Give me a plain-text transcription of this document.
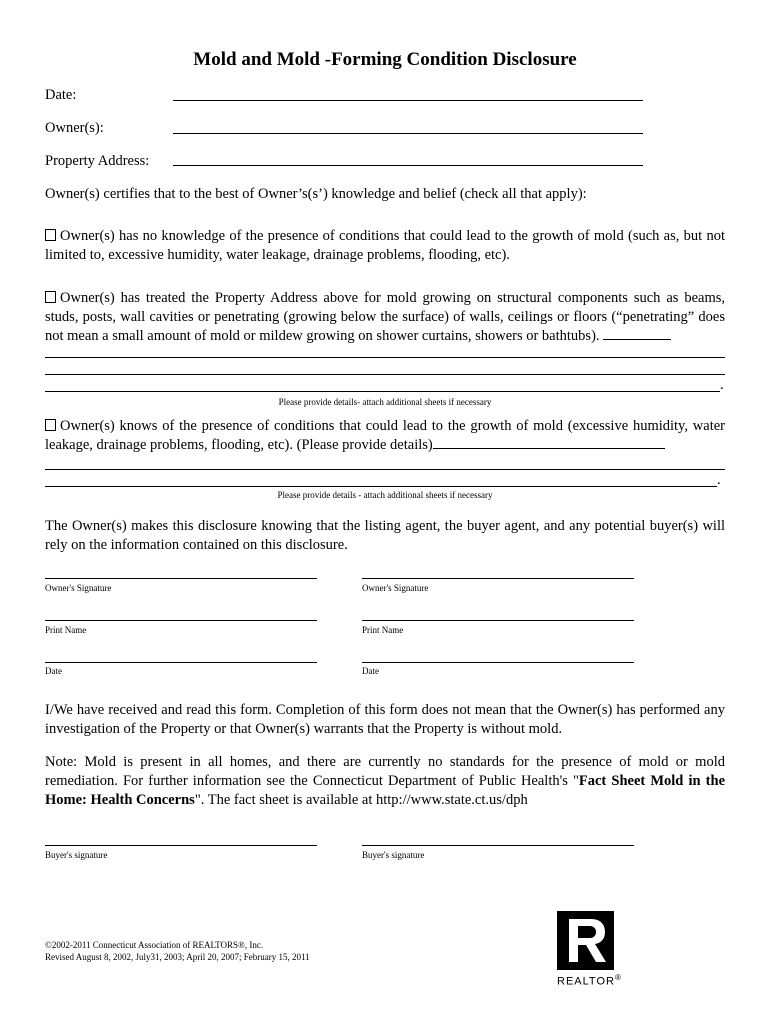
Mold and Mold -Forming Condition Disclosure
Date:
Owner(s):
Property Address:
Owner(s) certifies that to the best of Owner’s(s’) knowledge and belief (check all that apply):
Owner(s) has no knowledge of the presence of conditions that could lead to the growth of mold (such as, but not limited to, excessive humidity, water leakage, drainage problems, flooding, etc).
Owner(s) has treated the Property Address above for mold growing on structural components such as beams, studs, posts, wall cavities or penetrating (growing below the surface) of walls, ceilings or floors (“penetrating” does not mean a small amount of mold or mildew growing on shower curtains, showers or bathtubs).
.
Please provide details- attach additional sheets if necessary
Owner(s) knows of the presence of conditions that could lead to the growth of mold (excessive humidity, water leakage, drainage problems, flooding, etc). (Please provide details)
.
Please provide details - attach additional sheets if necessary
The Owner(s) makes this disclosure knowing that the listing agent, the buyer agent, and any potential buyer(s) will rely on the information contained on this disclosure.
Owner's Signature	Owner's Signature
Print Name	Print Name
Date	Date
I/We have received and read this form. Completion of this form does not mean that the Owner(s) has performed any investigation of the Property or that Owner(s) warrants that the Property is without mold.
Note: Mold is present in all homes, and there are currently no standards for the presence of mold or mold remediation. For further information see the Connecticut Department of Public Health's "Fact Sheet Mold in the Home: Health Concerns". The fact sheet is available at http://www.state.ct.us/dph
Buyer's signature	Buyer's signature
©2002-2011 Connecticut Association of REALTORS®, Inc.
Revised August 8, 2002, July31, 2003; April 20, 2007; February 15, 2011
REALTOR®
